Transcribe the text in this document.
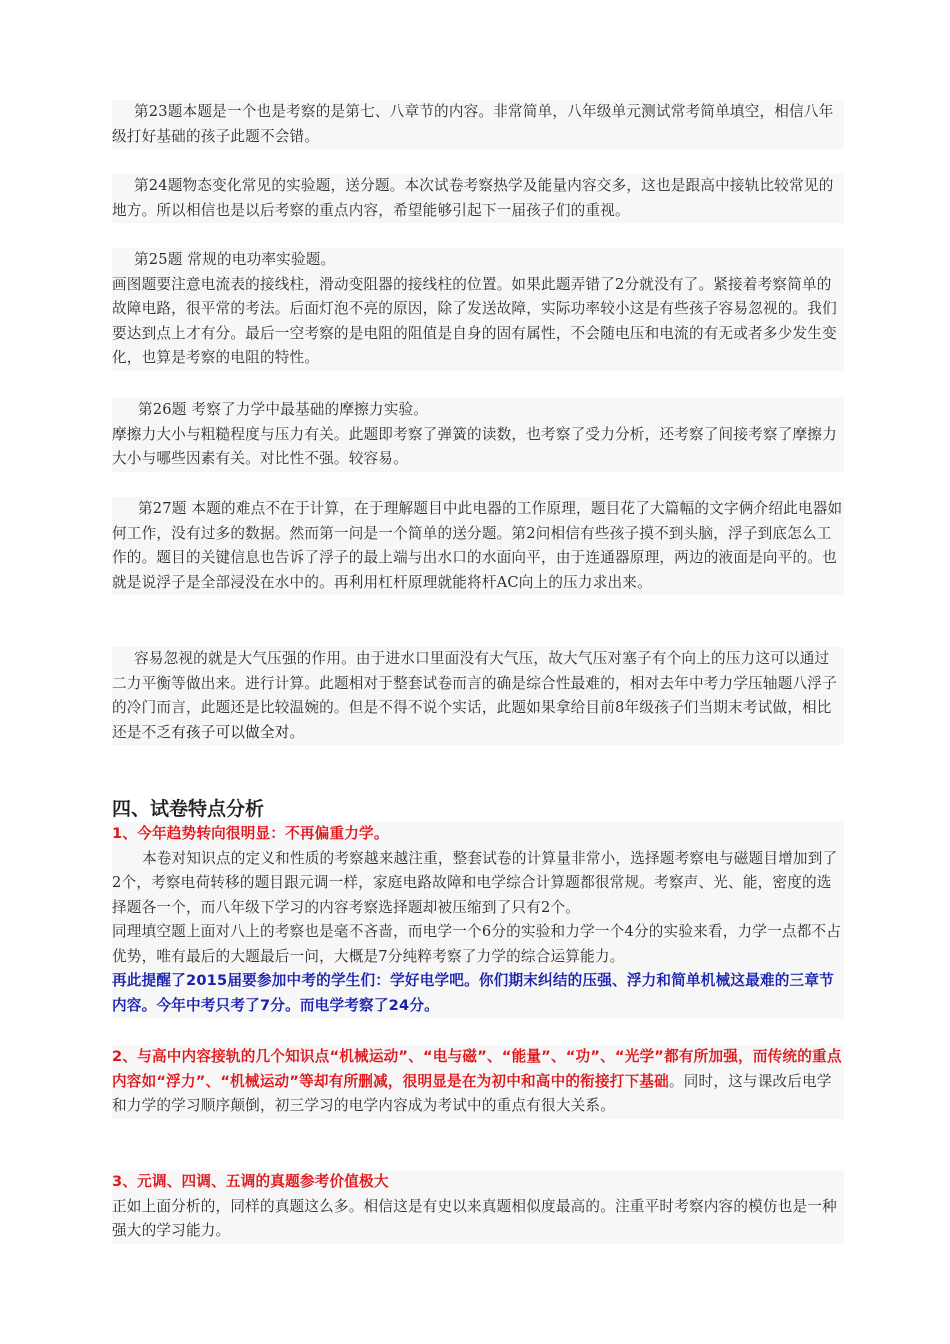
第23题本题是一个也是考察的是第七、八章节的内容。非常简单，八年级单元测试常考简单填空，相信八年级打好基础的孩子此题不会错。

第24题物态变化常见的实验题，送分题。本次试卷考察热学及能量内容交多，这也是跟高中接轨比较常见的地方。所以相信也是以后考察的重点内容，希望能够引起下一届孩子们的重视。

第25题 常规的电功率实验题。

画图题要注意电流表的接线柱，滑动变阻器的接线柱的位置。如果此题弄错了2分就没有了。紧接着考察简单的故障电路，很平常的考法。后面灯泡不亮的原因，除了发送故障，实际功率较小这是有些孩子容易忽视的。我们要达到点上才有分。最后一空考察的是电阻的阻值是自身的固有属性，不会随电压和电流的有无或者多少发生变化，也算是考察的电阻的特性。

第26题 考察了力学中最基础的摩擦力实验。

摩擦力大小与粗糙程度与压力有关。此题即考察了弹簧的读数，也考察了受力分析，还考察了间接考察了摩擦力大小与哪些因素有关。对比性不强。较容易。

第27题 本题的难点不在于计算，在于理解题目中此电器的工作原理，题目花了大篇幅的文字俩介绍此电器如何工作，没有过多的数据。然而第一问是一个简单的送分题。第2问相信有些孩子摸不到头脑，浮子到底怎么工作的。题目的关键信息也告诉了浮子的最上端与出水口的水面向平，由于连通器原理，两边的液面是向平的。也就是说浮子是全部浸没在水中的。再利用杠杆原理就能将杆AC向上的压力求出来。

容易忽视的就是大气压强的作用。由于进水口里面没有大气压，故大气压对塞子有个向上的压力这可以通过二力平衡等做出来。进行计算。此题相对于整套试卷而言的确是综合性最难的，相对去年中考力学压轴题八浮子的冷门而言，此题还是比较温婉的。但是不得不说个实话，此题如果拿给目前8年级孩子们当期末考试做，相比还是不乏有孩子可以做全对。

四、试卷特点分析

1、今年趋势转向很明显：不再偏重力学。

本卷对知识点的定义和性质的考察越来越注重，整套试卷的计算量非常小，选择题考察电与磁题目增加到了2个，考察电荷转移的题目跟元调一样，家庭电路故障和电学综合计算题都很常规。考察声、光、能，密度的选择题各一个，而八年级下学习的内容考察选择题却被压缩到了只有2个。

同理填空题上面对八上的考察也是毫不吝啬，而电学一个6分的实验和力学一个4分的实验来看，力学一点都不占优势，唯有最后的大题最后一问，大概是7分纯粹考察了力学的综合运算能力。

再此提醒了2015届要参加中考的学生们：学好电学吧。你们期末纠结的压强、浮力和简单机械这最难的三章节内容。今年中考只考了7分。而电学考察了24分。

2、与高中内容接轨的几个知识点“机械运动”、“电与磁”、“能量”、“功”、“光学”都有所加强，而传统的重点内容如“浮力”、“机械运动”等却有所删减，很明显是在为初中和高中的衔接打下基础。同时，这与课改后电学和力学的学习顺序颠倒，初三学习的电学内容成为考试中的重点有很大关系。

3、元调、四调、五调的真题参考价值极大

正如上面分析的，同样的真题这么多。相信这是有史以来真题相似度最高的。注重平时考察内容的模仿也是一种强大的学习能力。
